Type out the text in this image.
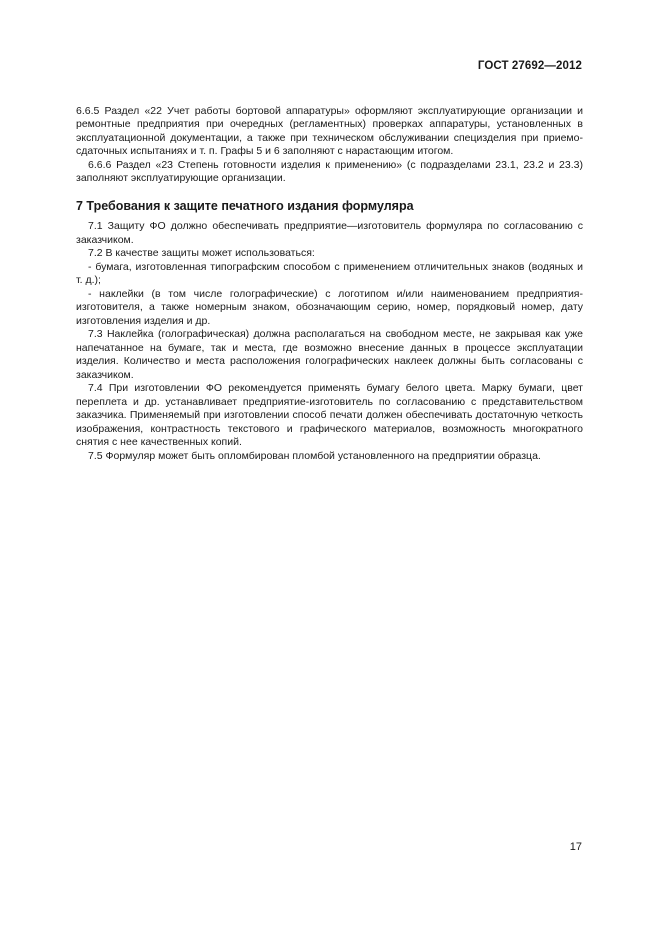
ГОСТ 27692—2012

6.6.5 Раздел «22 Учет работы бортовой аппаратуры» оформляют эксплуатирующие организации и ремонтные предприятия при очередных (регламентных) проверках аппаратуры, установленных в эксплуатационной документации, а также при техническом обслуживании специзделия при приемо-сдаточных испытаниях и т. п. Графы 5 и 6 заполняют с нарастающим итогом.

6.6.6 Раздел «23 Степень готовности изделия к применению» (с подразделами 23.1, 23.2 и 23.3) заполняют эксплуатирующие организации.

7 Требования к защите печатного издания формуляра

7.1 Защиту ФО должно обеспечивать предприятие—изготовитель формуляра по согласованию с заказчиком.

7.2 В качестве защиты может использоваться:

- бумага, изготовленная типографским способом с применением отличительных знаков (водяных и т. д.);

- наклейки (в том числе голографические) с логотипом и/или наименованием предприятия-изготовителя, а также номерным знаком, обозначающим серию, номер, порядковый номер, дату изготовления изделия и др.

7.3 Наклейка (голографическая) должна располагаться на свободном месте, не закрывая как уже напечатанное на бумаге, так и места, где возможно внесение данных в процессе эксплуатации изделия. Количество и места расположения голографических наклеек должны быть согласованы с заказчиком.

7.4 При изготовлении ФО рекомендуется применять бумагу белого цвета. Марку бумаги, цвет переплета и др. устанавливает предприятие-изготовитель по согласованию с представительством заказчика. Применяемый при изготовлении способ печати должен обеспечивать достаточную четкость изображения, контрастность текстового и графического материалов, возможность многократного снятия с нее качественных копий.

7.5 Формуляр может быть опломбирован пломбой установленного на предприятии образца.

17
